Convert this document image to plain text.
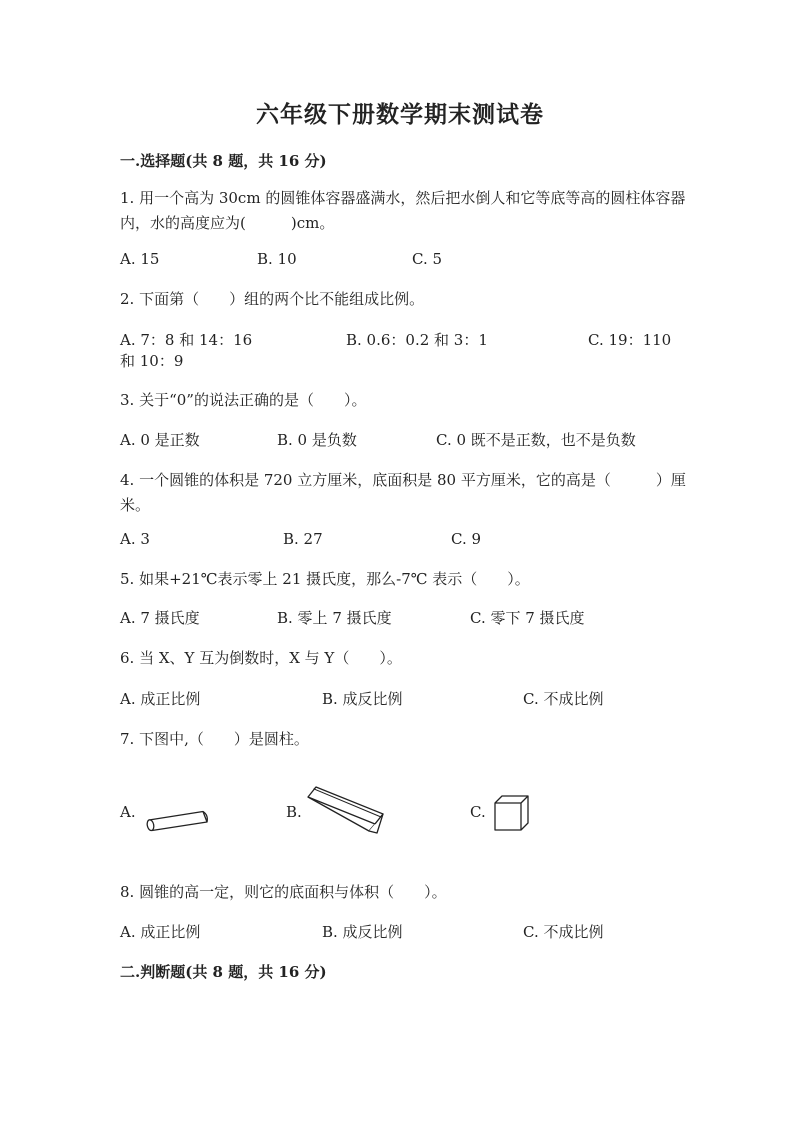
六年级下册数学期末测试卷
一.选择题(共 8 题，共 16 分)
1. 用一个高为 30cm 的圆锥体容器盛满水，然后把水倒人和它等底等高的圆柱体容器内，水的高度应为(　　　)cm。
A. 15	B. 10	C. 5
2. 下面第（　　）组的两个比不能组成比例。
A. 7：8 和 14：16	B. 0.6：0.2 和 3：1	C. 19：110
和 10：9
3. 关于“0”的说法正确的是（　　）。
A. 0 是正数	B. 0 是负数	C. 0 既不是正数，也不是负数
4. 一个圆锥的体积是 720 立方厘米，底面积是 80 平方厘米，它的高是（　　　）厘米。
A. 3	B. 27	C. 9
5. 如果+21℃表示零上 21 摄氏度，那么-7℃ 表示（　　）。
A. 7 摄氏度	B. 零上 7 摄氏度	C. 零下 7 摄氏度
6. 当 X、Y 互为倒数时，X 与 Y（　　）。
A. 成正比例	B. 成反比例	C. 不成比例
7. 下图中,（　　）是圆柱。
A.	B.	C.
8. 圆锥的高一定，则它的底面积与体积（　　）。
A. 成正比例	B. 成反比例	C. 不成比例
二.判断题(共 8 题，共 16 分)
